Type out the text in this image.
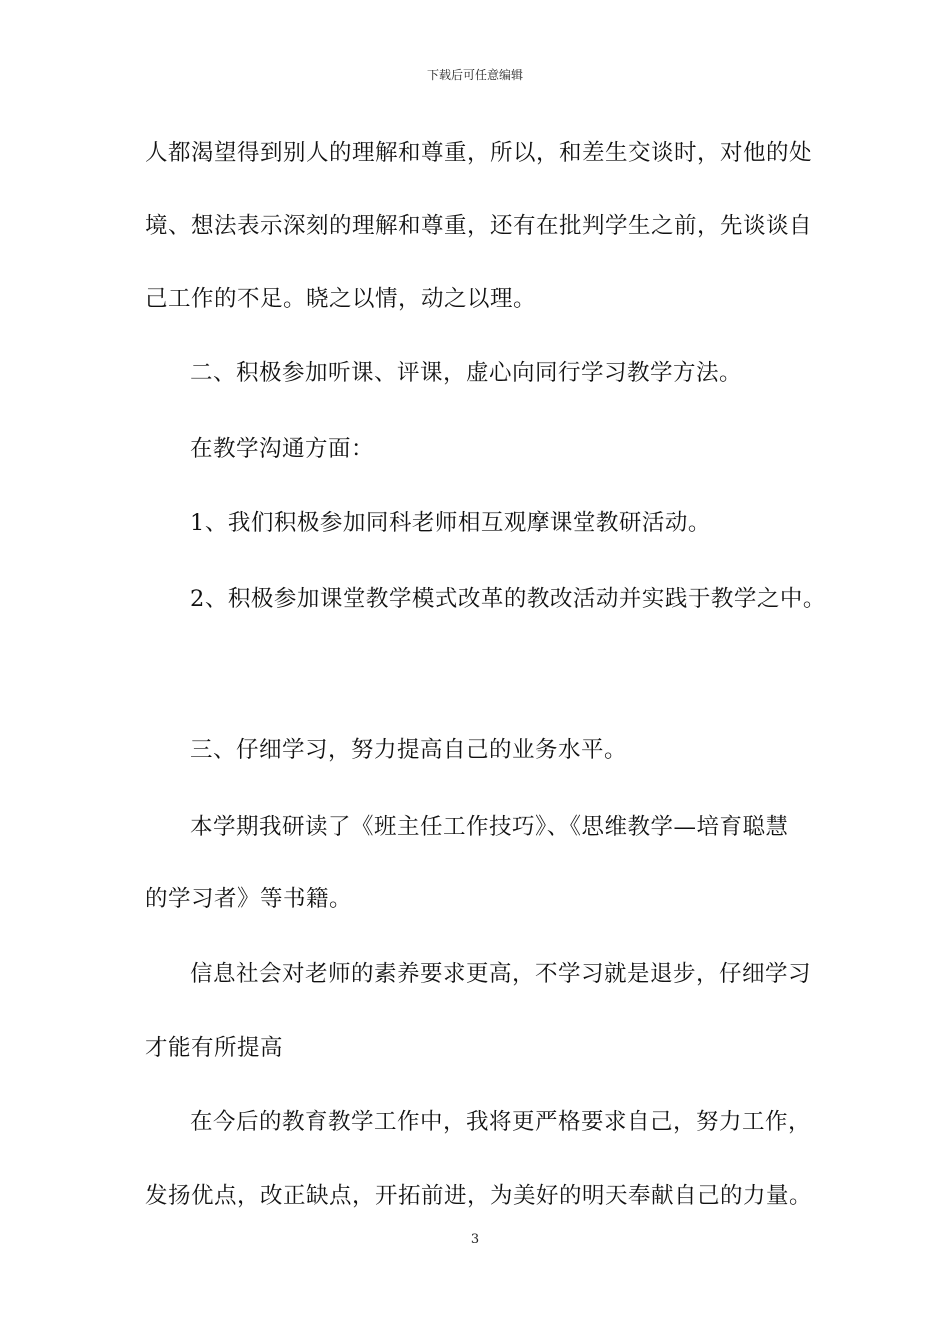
下载后可任意编辑
人都渴望得到别人的理解和尊重，所以，和差生交谈时，对他的处
境、想法表示深刻的理解和尊重，还有在批判学生之前，先谈谈自
己工作的不足。晓之以情，动之以理。
二、积极参加听课、评课，虚心向同行学习教学方法。
在教学沟通方面：
1、我们积极参加同科老师相互观摩课堂教研活动。
2、积极参加课堂教学模式改革的教改活动并实践于教学之中。
三、仔细学习，努力提高自己的业务水平。
本学期我研读了《班主任工作技巧》、《思维教学—培育聪慧
的学习者》等书籍。
信息社会对老师的素养要求更高，不学习就是退步，仔细学习
才能有所提高
在今后的教育教学工作中，我将更严格要求自己，努力工作，
发扬优点，改正缺点，开拓前进，为美好的明天奉献自己的力量。
3
